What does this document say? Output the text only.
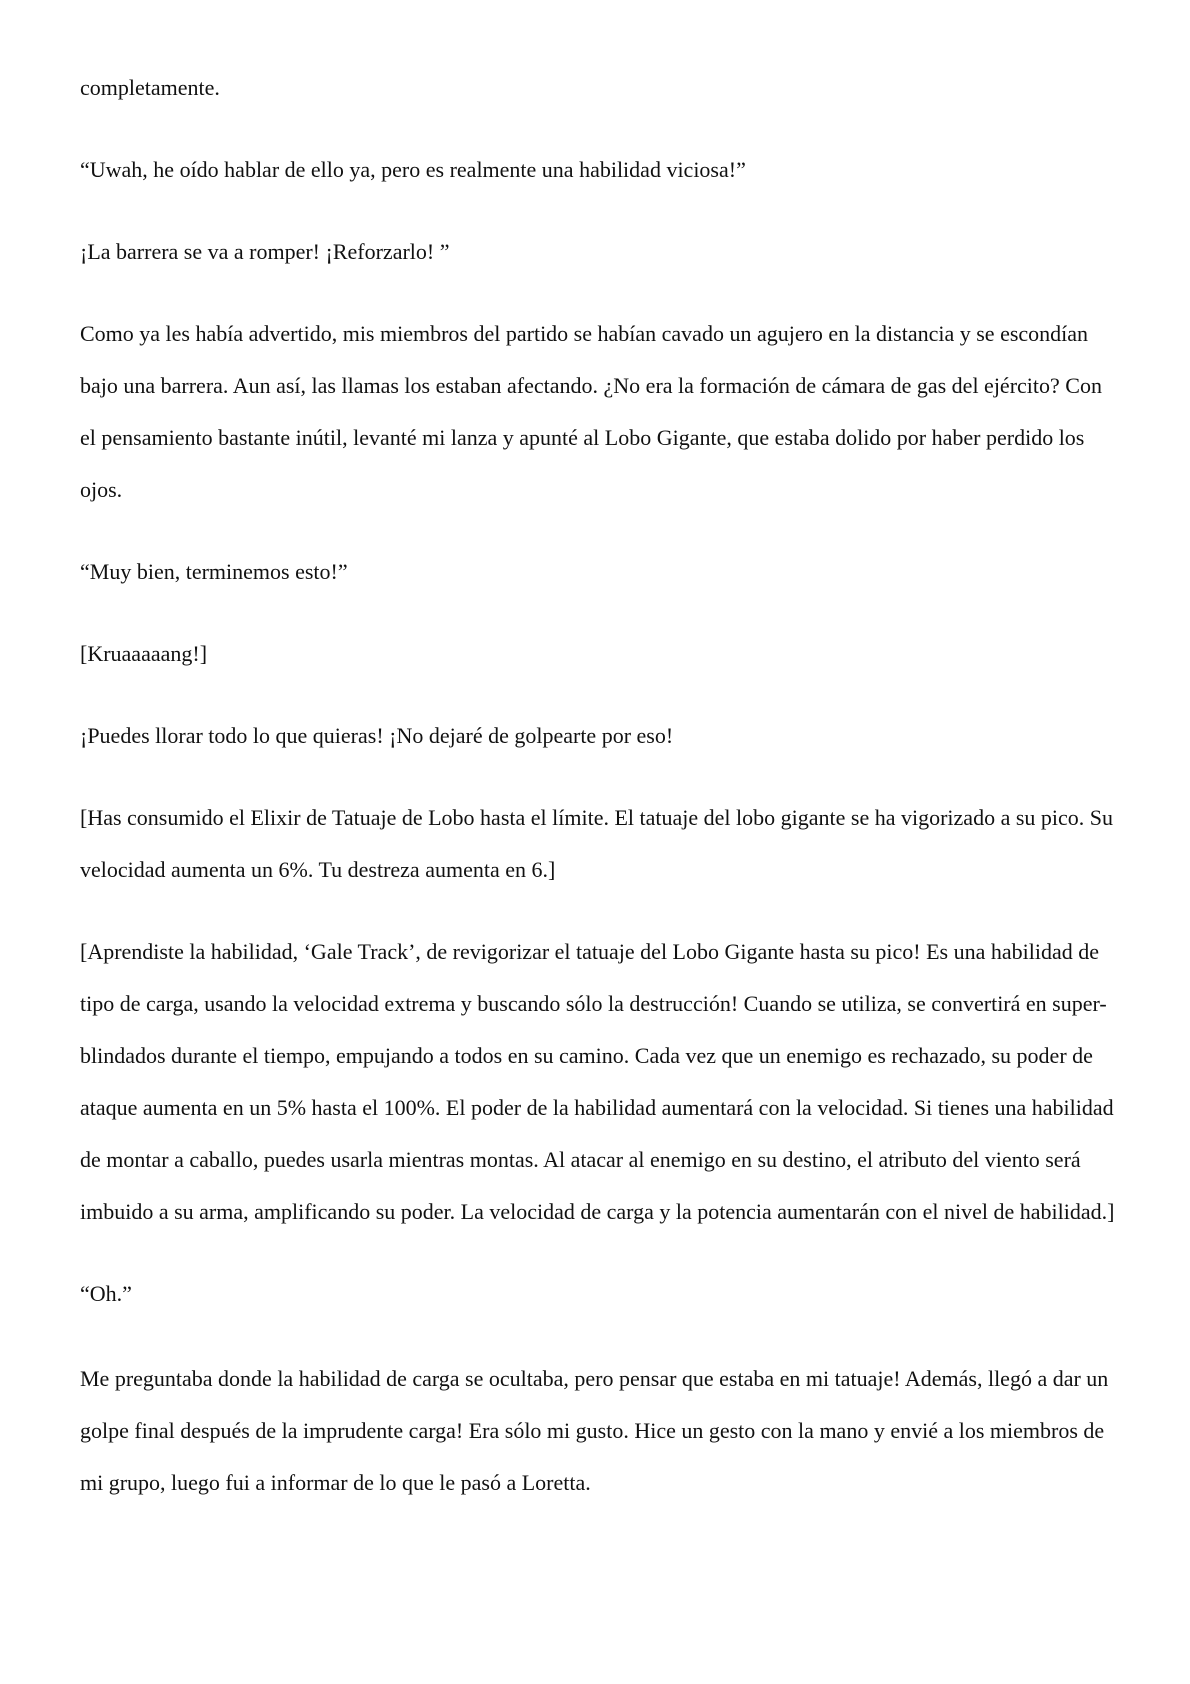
completamente.

“Uwah, he oído hablar de ello ya, pero es realmente una habilidad viciosa!”

¡La barrera se va a romper! ¡Reforzarlo! ”

Como ya les había advertido, mis miembros del partido se habían cavado un agujero en la distancia y se escondían bajo una barrera. Aun así, las llamas los estaban afectando. ¿No era la formación de cámara de gas del ejército? Con el pensamiento bastante inútil, levanté mi lanza y apunté al Lobo Gigante, que estaba dolido por haber perdido los ojos.

“Muy bien, terminemos esto!”

[Kruaaaaang!]

¡Puedes llorar todo lo que quieras! ¡No dejaré de golpearte por eso!

[Has consumido el Elixir de Tatuaje de Lobo hasta el límite. El tatuaje del lobo gigante se ha vigorizado a su pico. Su velocidad aumenta un 6%. Tu destreza aumenta en 6.]

[Aprendiste la habilidad, ‘Gale Track’, de revigorizar el tatuaje del Lobo Gigante hasta su pico! Es una habilidad de tipo de carga, usando la velocidad extrema y buscando sólo la destrucción! Cuando se utiliza, se convertirá en super-blindados durante el tiempo, empujando a todos en su camino. Cada vez que un enemigo es rechazado, su poder de ataque aumenta en un 5% hasta el 100%. El poder de la habilidad aumentará con la velocidad. Si tienes una habilidad de montar a caballo, puedes usarla mientras montas. Al atacar al enemigo en su destino, el atributo del viento será imbuido a su arma, amplificando su poder. La velocidad de carga y la potencia aumentarán con el nivel de habilidad.]

“Oh.”

Me preguntaba donde la habilidad de carga se ocultaba, pero pensar que estaba en mi tatuaje! Además, llegó a dar un golpe final después de la imprudente carga! Era sólo mi gusto. Hice un gesto con la mano y envié a los miembros de mi grupo, luego fui a informar de lo que le pasó a Loretta.
